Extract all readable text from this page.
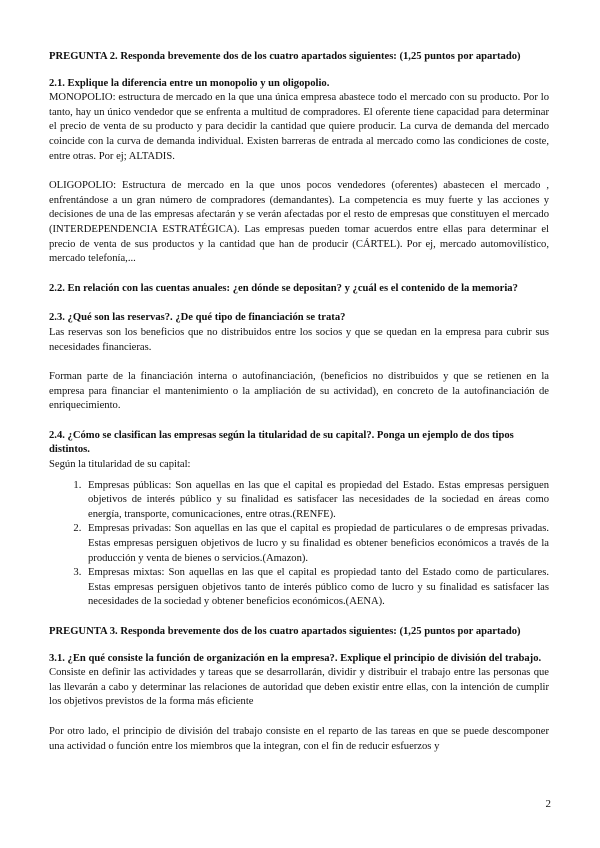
PREGUNTA 2. Responda brevemente dos de los cuatro apartados siguientes: (1,25 puntos por apartado)

2.1. Explique la diferencia entre un monopolio y un oligopolio.

MONOPOLIO: estructura de mercado en la que una única empresa abastece todo el mercado con su producto. Por lo tanto, hay un único vendedor que se enfrenta a multitud de compradores. El oferente tiene capacidad para determinar el precio de venta de su producto y para decidir la cantidad que quiere producir. La curva de demanda del mercado coincide con la curva de demanda individual. Existen barreras de entrada al mercado como las condiciones de coste, entre otras. Por ej; ALTADIS.

OLIGOPOLIO: Estructura de mercado en la que unos pocos vendedores (oferentes) abastecen el mercado , enfrentándose a un gran número de compradores (demandantes). La competencia es muy fuerte y las acciones y decisiones de una de las empresas afectarán y se verán afectadas por el resto de empresas que constituyen el mercado (INTERDEPENDENCIA ESTRATÉGICA). Las empresas pueden tomar acuerdos entre ellas para determinar el precio de venta de sus productos y la cantidad que han de producir (CÁRTEL). Por ej, mercado automovilístico, mercado telefonía,...

2.2. En relación con las cuentas anuales: ¿en dónde se depositan? y ¿cuál es el contenido de la memoria?

2.3. ¿Qué son las reservas?. ¿De qué tipo de financiación se trata?

Las reservas son los beneficios que no distribuidos entre los socios y que se quedan en la empresa para cubrir sus necesidades financieras.

Forman parte de la financiación interna o autofinanciación, (beneficios no distribuidos y que se retienen en la empresa para financiar el mantenimiento o la ampliación de su actividad), en concreto de la autofinanciación de enriquecimiento.

2.4. ¿Cómo se clasifican las empresas según la titularidad de su capital?. Ponga un ejemplo de dos tipos distintos.

Según la titularidad de su capital:

1. Empresas públicas: Son aquellas en las que el capital es propiedad del Estado. Estas empresas persiguen objetivos de interés público y su finalidad es satisfacer las necesidades de la sociedad en áreas como energía, transporte, comunicaciones, entre otras.(RENFE).
2. Empresas privadas: Son aquellas en las que el capital es propiedad de particulares o de empresas privadas. Estas empresas persiguen objetivos de lucro y su finalidad es obtener beneficios económicos a través de la producción y venta de bienes o servicios.(Amazon).
3. Empresas mixtas: Son aquellas en las que el capital es propiedad tanto del Estado como de particulares. Estas empresas persiguen objetivos tanto de interés público como de lucro y su finalidad es satisfacer las necesidades de la sociedad y obtener beneficios económicos.(AENA).

PREGUNTA 3. Responda brevemente dos de los cuatro apartados siguientes: (1,25 puntos por apartado)

3.1. ¿En qué consiste la función de organización en la empresa?. Explique el principio de división del trabajo.

Consiste en definir las actividades y tareas que se desarrollarán, dividir y distribuir el trabajo entre las personas que las llevarán a cabo y determinar las relaciones de autoridad que deben existir entre ellas, con la intención de cumplir los objetivos previstos de la forma más eficiente

Por otro lado, el principio de división del trabajo consiste en el reparto de las tareas en que se puede descomponer una actividad o función entre los miembros que la integran, con el fin de reducir esfuerzos y

2
